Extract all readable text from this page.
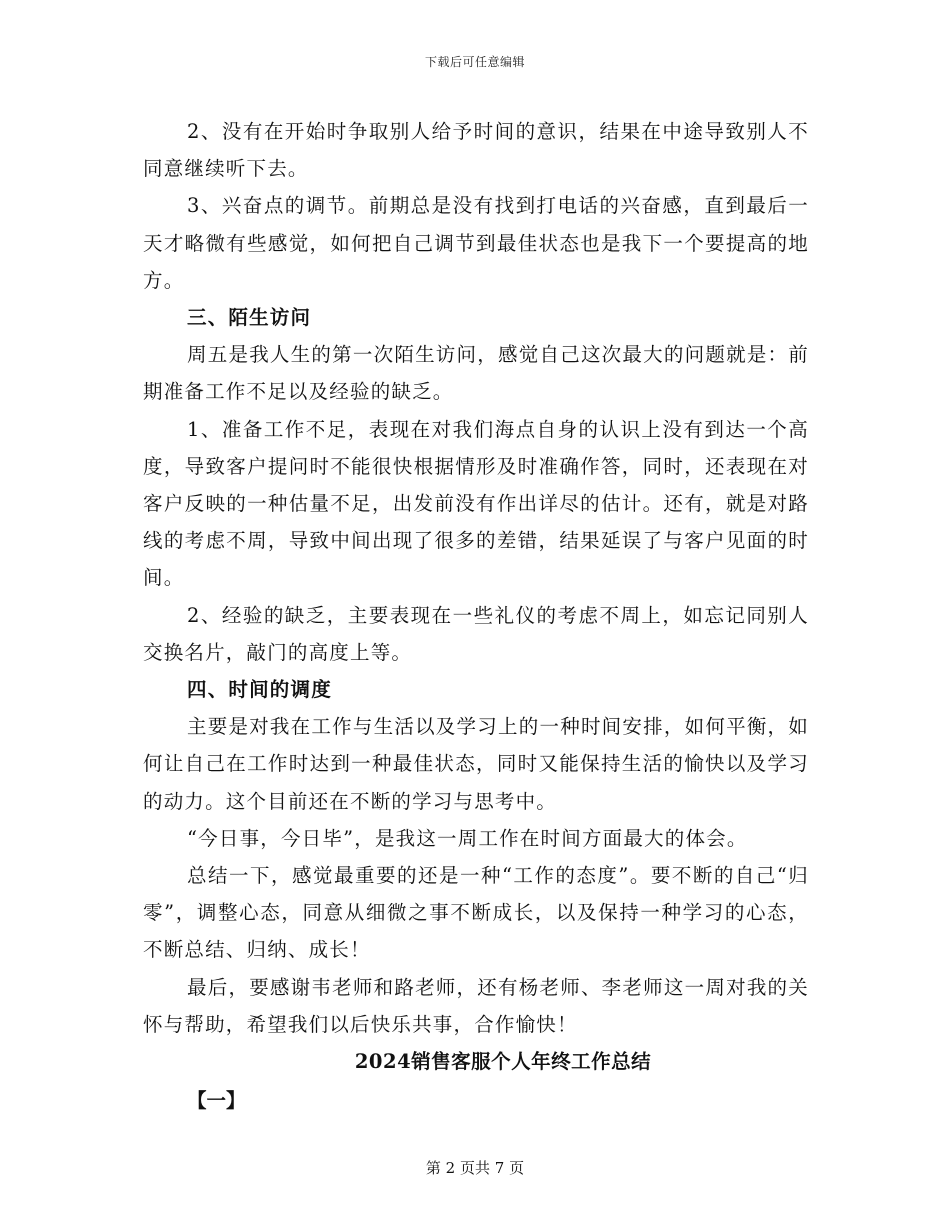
下载后可任意编辑

2、没有在开始时争取别人给予时间的意识，结果在中途导致别人不同意继续听下去。

3、兴奋点的调节。前期总是没有找到打电话的兴奋感，直到最后一天才略微有些感觉，如何把自己调节到最佳状态也是我下一个要提高的地方。

三、陌生访问

周五是我人生的第一次陌生访问，感觉自己这次最大的问题就是：前期准备工作不足以及经验的缺乏。

1、准备工作不足，表现在对我们海点自身的认识上没有到达一个高度，导致客户提问时不能很快根据情形及时准确作答，同时，还表现在对客户反映的一种估量不足，出发前没有作出详尽的估计。还有，就是对路线的考虑不周，导致中间出现了很多的差错，结果延误了与客户见面的时间。

2、经验的缺乏，主要表现在一些礼仪的考虑不周上，如忘记同别人交换名片，敲门的高度上等。

四、时间的调度

主要是对我在工作与生活以及学习上的一种时间安排，如何平衡，如何让自己在工作时达到一种最佳状态，同时又能保持生活的愉快以及学习的动力。这个目前还在不断的学习与思考中。

“今日事，今日毕”，是我这一周工作在时间方面最大的体会。

总结一下，感觉最重要的还是一种“工作的态度”。要不断的自己“归零”，调整心态，同意从细微之事不断成长，以及保持一种学习的心态，不断总结、归纳、成长！

最后，要感谢韦老师和路老师，还有杨老师、李老师这一周对我的关怀与帮助，希望我们以后快乐共事，合作愉快！

2024销售客服个人年终工作总结

【一】

第 2 页共 7 页
